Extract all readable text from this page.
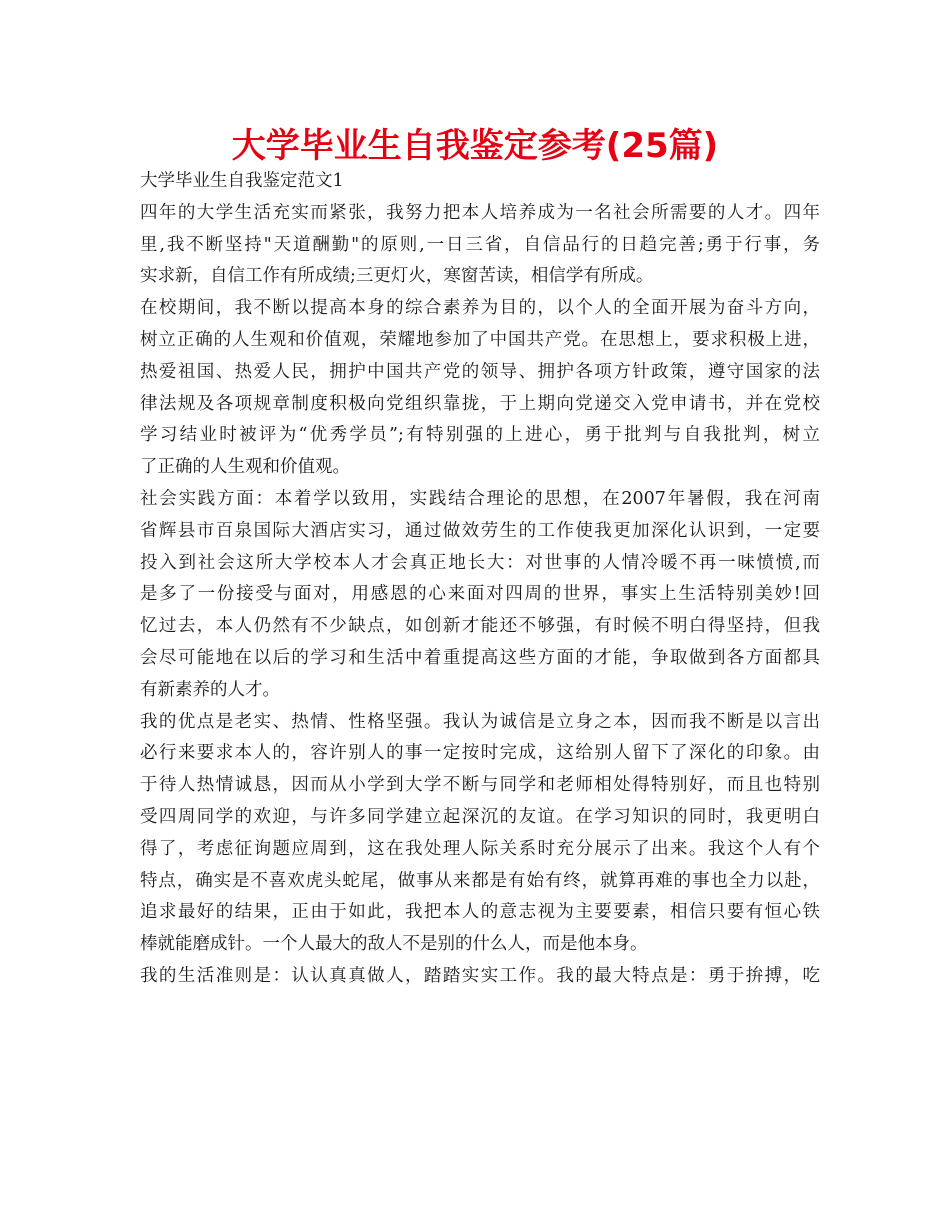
大学毕业生自我鉴定参考(25篇)
大学毕业生自我鉴定范文1
四年的大学生活充实而紧张，我努力把本人培养成为一名社会所需要的人才。四年
里,我不断坚持"天道酬勤"的原则,一日三省，自信品行的日趋完善;勇于行事，务
实求新，自信工作有所成绩;三更灯火，寒窗苦读，相信学有所成。
在校期间，我不断以提高本身的综合素养为目的，以个人的全面开展为奋斗方向，
树立正确的人生观和价值观，荣耀地参加了中国共产党。在思想上，要求积极上进，
热爱祖国、热爱人民，拥护中国共产党的领导、拥护各项方针政策，遵守国家的法
律法规及各项规章制度积极向党组织靠拢，于上期向党递交入党申请书，并在党校
学习结业时被评为“优秀学员”;有特别强的上进心，勇于批判与自我批判，树立
了正确的人生观和价值观。
社会实践方面：本着学以致用，实践结合理论的思想，在2007年暑假，我在河南
省辉县市百泉国际大酒店实习，通过做效劳生的工作使我更加深化认识到，一定要
投入到社会这所大学校本人才会真正地长大：对世事的人情冷暖不再一味愤愤,而
是多了一份接受与面对，用感恩的心来面对四周的世界，事实上生活特别美妙!回
忆过去，本人仍然有不少缺点，如创新才能还不够强，有时候不明白得坚持，但我
会尽可能地在以后的学习和生活中着重提高这些方面的才能，争取做到各方面都具
有新素养的人才。
我的优点是老实、热情、性格坚强。我认为诚信是立身之本，因而我不断是以言出
必行来要求本人的，容许别人的事一定按时完成，这给别人留下了深化的印象。由
于待人热情诚恳，因而从小学到大学不断与同学和老师相处得特别好，而且也特别
受四周同学的欢迎，与许多同学建立起深沉的友谊。在学习知识的同时，我更明白
得了，考虑征询题应周到，这在我处理人际关系时充分展示了出来。我这个人有个
特点，确实是不喜欢虎头蛇尾，做事从来都是有始有终，就算再难的事也全力以赴，
追求最好的结果，正由于如此，我把本人的意志视为主要要素，相信只要有恒心铁
棒就能磨成针。一个人最大的敌人不是别的什么人，而是他本身。
我的生活准则是：认认真真做人，踏踏实实工作。我的最大特点是：勇于拚搏，吃
